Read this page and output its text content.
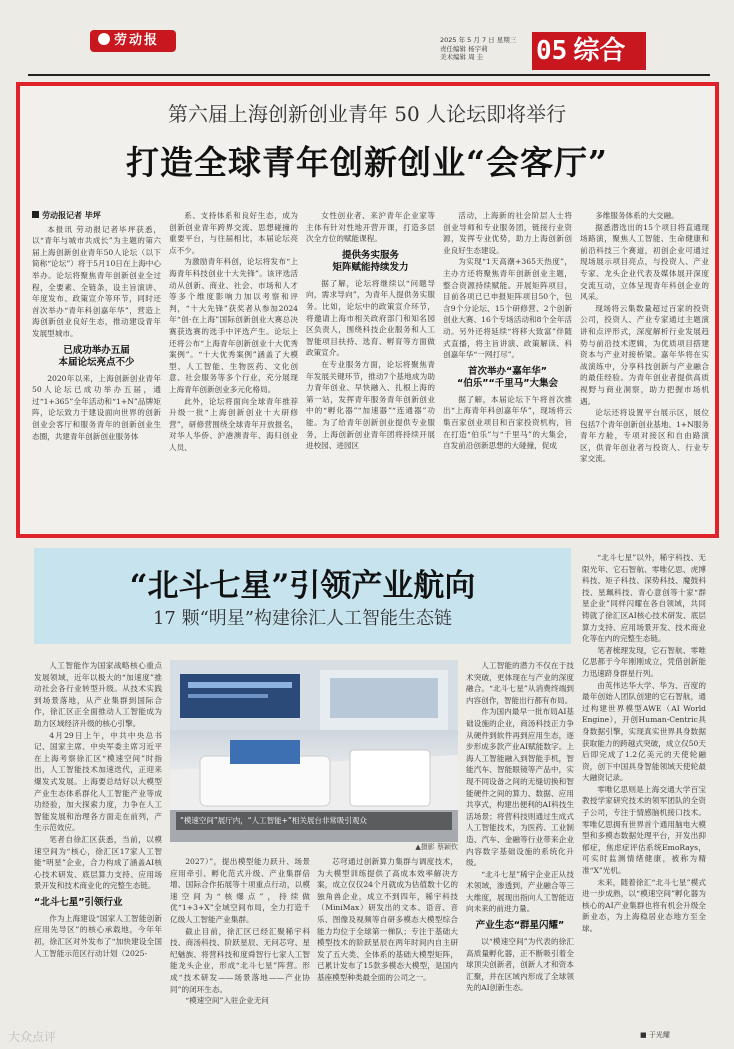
劳动报	2025 年 5 月 7 日 星期三
责任编辑 杨宇莉
美术编辑 周 圭	05 综合
第六届上海创新创业青年 50 人论坛即将举行
打造全球青年创新创业“会客厅”
劳动报记者 毕坪

本报讯 劳动报记者毕坪获悉，以“青年与城市共成长”为主题的第六届上海创新创业青年50人论坛（以下简称“论坛”）将于5月10日在上海中心举办。论坛将聚焦青年创新创业全过程，全要素、全链条，设主旨演讲、年度发布、政策宣介等环节，同时还首次举办“青年科创嘉年华”，营造上海创新创业良好生态，推动建设青年发展型城市。

已成功举办五届
本届论坛亮点不少

2020年以来，上海创新创业青年50人论坛已成功举办五届，通过“1+365”全年活动和“1+N”品牌矩阵，论坛致力于建设面向世界的创新创业会客厅和服务青年的创新创业生态圈，共建青年创新创业服务体

系、支持体系和良好生态，成为创新创业青年跨界交流、思想碰撞的重要平台，与往届相比，本届论坛亮点不少。

为激励青年科创，论坛将发布“上海青年科技创业十大先锋”。该评选活动从创新、商业、社会、市场和人才等多个维度影响力加以考察和评判，“十大先锋”获奖者从参加2024年“创·在上海”国际创新创业大赛总决赛获选赛的选手中评选产生。论坛上还将公布“上海青年创新创业十大优秀案例”。“十大优秀案例”涵盖了大模型、人工智能、生物医药、文化创意、社会服务等多个行业，充分展现上海青年创新创业多元化格局。

此外，论坛将面向全球青年推荐升级一批“上海创新创业十大研修营”，研修营围绕全球青年开放报名，对华人华侨、沪港澳青年、海归创业人员、

女性创业者、来沪青年企业家等主体有针对性地开营开课，打造多层次全方位的赋能课程。

提供务实服务
矩阵赋能持续发力

据了解，论坛将继续以“问题导向，需求导向”，为青年人提供务实服务。比如，论坛中的政策宣介环节，将邀请上海市相关政府部门和知名园区负责人，围绕科技企业服务和人工智能项目扶持、选育、孵育等方面做政策宣介。

在专业服务方面，论坛将聚焦青年发展关键环节，推动7个基地成为助力青年创业、早快融入、扎根上海的第一站，发挥青年服务青年创新创业中的“孵化器”“加速器”“连通器”功能。为了给青年创新创业提供专业服务，上海创新创业青年团将持续开展进校园、进园区

活动，上海新的社会阶层人士将创业导师和专业服务团，链接行业资源，发挥专业优势，助力上海创新创业良好生态建设。

为实现“1天高潮+365天热度”，主办方还将聚焦青年创新创业主题，整合资源持续赋能。开展矩阵项目，目前各项已已申报矩阵项目50个，包含9个分论坛、15个研修营、2个创新创业大赛、16个专场活动和8个全年活动。另外还将延续“将移大致富”伴随式直播，将主旨讲演、政策解读、科创嘉年华“一网打尽”。

首次举办“嘉年华”
“伯乐”“千里马”大集会

据了解，本届论坛下午将首次推出“上海青年科创嘉年华”，现场将云集百家创业项目和百家投资机构，旨在打造“伯乐”与“千里马”的大集会，自发前沿创新思想的大碰撞，促成

多维服务体系的大交融。

据悉潜选出的15个项目将直通现场路演，聚焦人工智能、生命健康和前沿科技三个赛道，初创企业可通过现场展示项目亮点，与投资人、产业专家、龙头企业代表及媒体展开深度交流互动，立体呈现青年科创企业的风采。

现场将云集数量超过百家的投资公司，投资人、产业专家通过主题演讲和点评形式，深度解析行业发展趋势与前沿技术逻辑，为优质项目搭建资本与产业对接桥梁。嘉年华将在实战演练中，分享科技创新与产业融合的最佳经验。为青年创业者提供高质视野与商业洞察，助力把握市场机遇。

论坛还将设置平台展示区，展位包括7个青年创新创业基地、1+N服务青年方舱，专项对接区和自由路演区，供青年创业者与投资人、行业专家交流。

“北斗七星”引领产业航向
17 颗“明星”构建徐汇人工智能生态链
“模速空间”展厅内，“人工智能+”相关展台非常吸引观众
▲摄影 蔡颖钦

人工智能作为国家战略核心重点发展领域，近年以极大的“加速度”推动社会各行业转型升级。从技术实践到场景落地，从产业集群到国际合作，徐汇区正全面推动人工智能成为助力区域经济升级的核心引擎。

4月29日上午，中共中央总书记、国家主席、中央军委主席习近平在上海考察徐汇区“模速空间”时指出，人工智能技术加速迭代，正迎来爆发式发展。上海要总结好以大模型产业生态体系群化人工智能产业等成功经验，加大探索力度，力争在人工智能发展和治理各方面走在前列，产生示范效应。

笔者自徐汇区获悉，当前，以模速空间为“核心，徐汇区17家人工智能“明星”企业，合力构成了涵盖AI核心技术研发、底层算力支持、应用场景开发和技术商业化的完整生态链。

“北斗七星”引领行业

作为上海建设“国家人工智能创新应用先导区”的核心承载地，今年年初，徐汇区对外发布了“加快建设全国人工智能示范区行动计划（2025-

2027）”，提出模型能力跃升、场景应用牵引、孵化范式升级、产业集群倍增、国际合作拓展等十项重点行动，以模速空间为“核爆点”，持续做优“1+3+X”全域空间布局，全力打造千亿级人工智能产业集群。

截止目前，徐汇区已经汇聚稀宇科技、商汤科技、阶跃星辰、无问芯穹、星纪魅族、将营科技和度舜智行七家人工智能龙头企业，形成“北斗七星”阵营。形成“技术研发——场景落地——产业协同”的闭环生态。

“模速空间”入驻企业无问

芯穹通过创新算力集群与调度技术，为大模型训练提供了高成本效率解决方案，成立仅仅24个月就成为估值数十亿的独角兽企业，成立不到四年，稀宇科技（MiniMax）研发出的文本、语音、音乐、图像及视频等自研多模态大模型综合能力均位于全球第一梯队；专注于基础大模型技术的阶跃星辰在两年时间内自主研发了五大类、全体系的基础大模型矩阵，已累计发布了15款多模态大模型，是国内基座模型种类最全面的公司之一。

人工智能的潜力不仅在于技术突破，更体现在与产业的深度融合。“北斗七星”从消费终端到内容创作，智能出行都有布局。

作为国内最早一批布局AI基础设施的企业，商汤科技正力争从硬件到软件再到应用生态，逐步形成多款产业AI赋能数字。上海人工智能融入到智能手机，智能汽车、智能眼镜等产品中，实现不同设备之间的无缝切换和智能硬件之间的算力、数据、应用共享式，构建出便利的AI科技生活场景；将营科技则通过生成式人工智能技术，为医药、工业制造、汽车、金融等行业带来企业内容数字基础设施的系统化升级。

“北斗七星”稀宇企业正从技术领域，渗透到，产业融合等三大维度，展现出指向人工智能迈向未来的前进力量。

产业生态“群星闪耀”

以“模速空间”为代表的徐汇高质量孵化器，正不断吸引着全球顶尖创新者，创新人才和资本汇聚，并在区域内形成了全球领先的AI创新生态。

“北斗七星”以外，稀宇科技、无限光年、它石智航、零唯亿思、虎博科技、矩子科技、深势科技、魔鼓科技、星珮科技、青心意创等十家“群星企业”同样闪耀在各自领域，共同铸就了徐汇区AI核心技术研发、底层算力支持、应用场景开发、技术商业化等在内的完整生态链。

笔者梳理发现，它石智航、零唯亿思都于今年刚刚成立，凭借创新能力迅速跻身群星行列。

由英伟达华大学、华为、百度的最年创始人团队创建的它石智航，通过构建世界模型AWE（AI World Engine），开创Human-Centric具身数据引擎，实现真实世界具身数据获取能力的跨越式突破，成立仅50天后即完成了1.2亿美元的天使轮融资，创下中国具身智能领域天使轮最大融资记录。

零唯亿思则是上海交通大学百宝教授学家研究技术的领军团队的全资子公司，专注于情感脑机接口技术。零唯亿思拥有世界首个通用脑电大模型和多模态数据处理平台，开发出抑郁症，焦虑症评估系统EmoRays，可实时监测情绪健康，被称为精准“X”光机。

未来，随着徐汇“北斗七星”模式进一步成熟，以“模速空间”孵化器为核心的AI产业集群也将有机会升级全新业态，为上海稳居业态地方至全球。

■ 于光耀
大众点评
